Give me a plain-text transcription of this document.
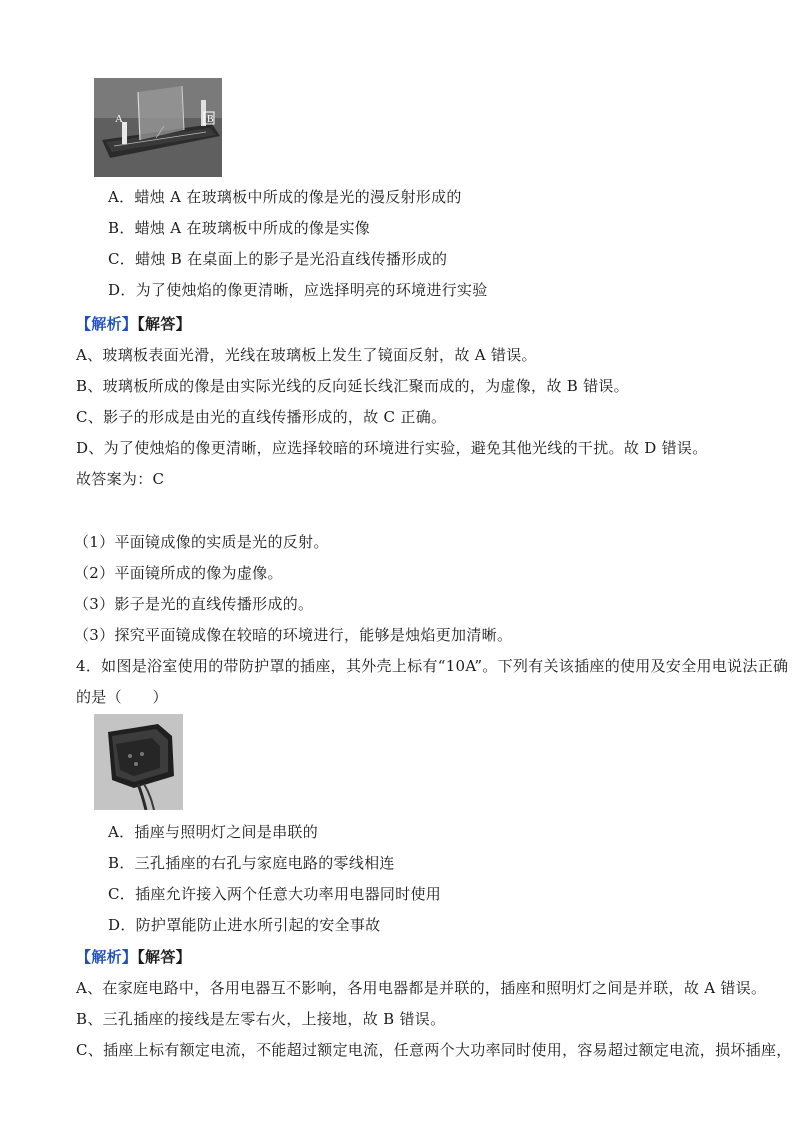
A	B
A．蜡烛 A 在玻璃板中所成的像是光的漫反射形成的
B．蜡烛 A 在玻璃板中所成的像是实像
C．蜡烛 B 在桌面上的影子是光沿直线传播形成的
D．为了使烛焰的像更清晰，应选择明亮的环境进行实验
【解析】【解答】
A、玻璃板表面光滑，光线在玻璃板上发生了镜面反射，故 A 错误。
B、玻璃板所成的像是由实际光线的反向延长线汇聚而成的，为虚像，故 B 错误。
C、影子的形成是由光的直线传播形成的，故 C 正确。
D、为了使烛焰的像更清晰，应选择较暗的环境进行实验，避免其他光线的干扰。故 D 错误。
故答案为：C
（1）平面镜成像的实质是光的反射。
（2）平面镜所成的像为虚像。
（3）影子是光的直线传播形成的。
（3）探究平面镜成像在较暗的环境进行，能够是烛焰更加清晰。
4．如图是浴室使用的带防护罩的插座，其外壳上标有“10A”。下列有关该插座的使用及安全用电说法正确
的是（　　）
A．插座与照明灯之间是串联的
B．三孔插座的右孔与家庭电路的零线相连
C．插座允许接入两个任意大功率用电器同时使用
D．防护罩能防止进水所引起的安全事故
【解析】【解答】
A、在家庭电路中，各用电器互不影响，各用电器都是并联的，插座和照明灯之间是并联，故 A 错误。
B、三孔插座的接线是左零右火，上接地，故 B 错误。
C、插座上标有额定电流，不能超过额定电流，任意两个大功率同时使用，容易超过额定电流，损坏插座，
